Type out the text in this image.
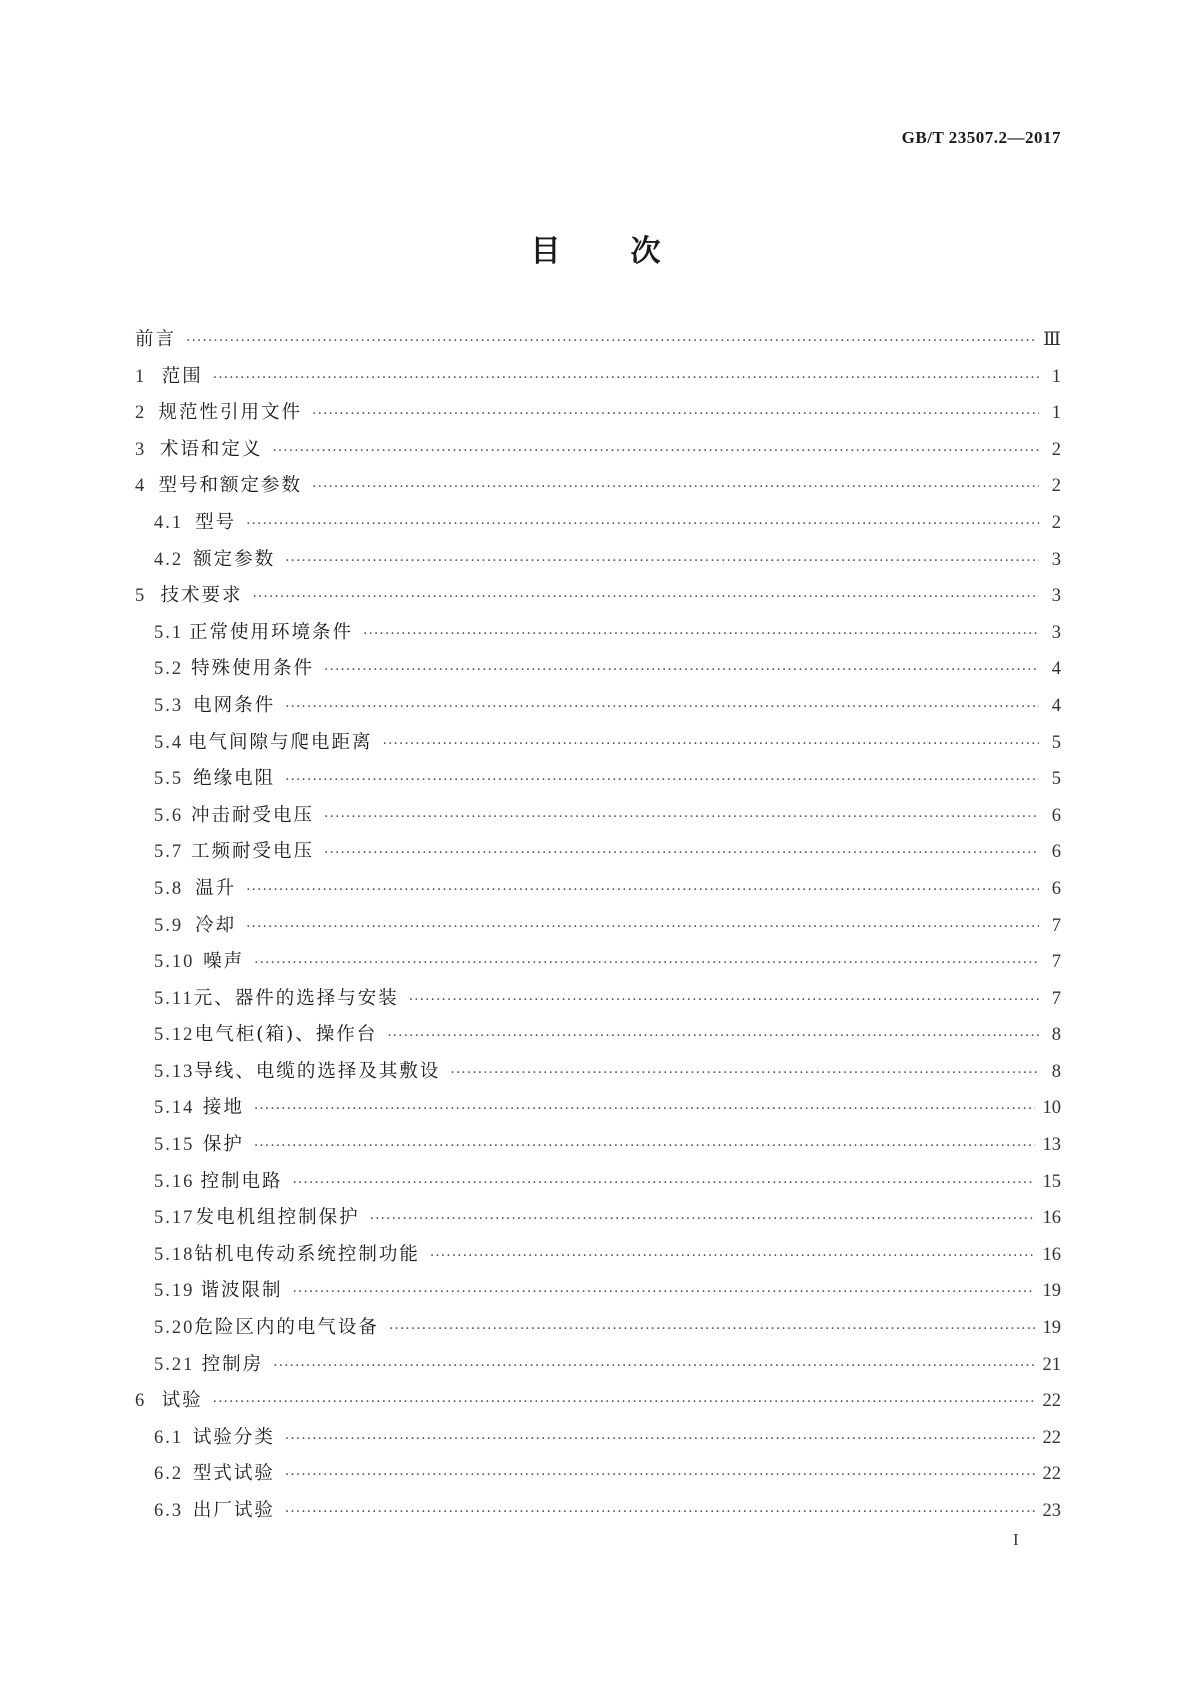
GB/T 23507.2—2017
目 次
前言 ·····	Ⅲ
1 范围 ·····	1
2 规范性引用文件 ·····	1
3 术语和定义 ·····	2
4 型号和额定参数 ·····	2
4.1 型号 ·····	2
4.2 额定参数 ·····	3
5 技术要求 ·····	3
5.1 正常使用环境条件 ·····	3
5.2 特殊使用条件 ·····	4
5.3 电网条件 ·····	4
5.4 电气间隙与爬电距离 ·····	5
5.5 绝缘电阻 ·····	5
5.6 冲击耐受电压 ·····	6
5.7 工频耐受电压 ·····	6
5.8 温升 ·····	6
5.9 冷却 ·····	7
5.10 噪声 ·····	7
5.11 元、器件的选择与安装 ·····	7
5.12 电气柜(箱)、操作台 ·····	8
5.13 导线、电缆的选择及其敷设 ·····	8
5.14 接地 ·····	10
5.15 保护 ·····	13
5.16 控制电路 ·····	15
5.17 发电机组控制保护 ·····	16
5.18 钻机电传动系统控制功能 ·····	16
5.19 谐波限制 ·····	19
5.20 危险区内的电气设备 ·····	19
5.21 控制房 ·····	21
6 试验 ·····	22
6.1 试验分类 ·····	22
6.2 型式试验 ·····	22
6.3 出厂试验 ·····	23
I
